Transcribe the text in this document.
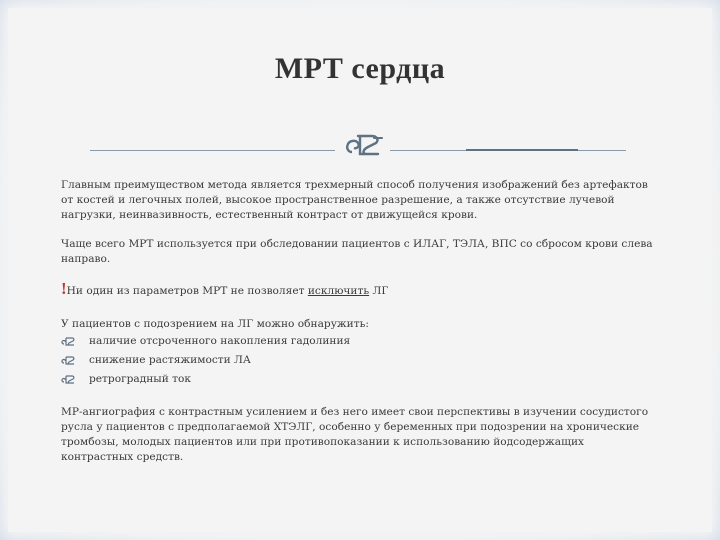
МРТ сердца

Главным преимуществом метода является трехмерный способ получения изображений без артефактов от костей и легочных полей, высокое пространственное разрешение, а также отсутствие лучевой нагрузки, неинвазивность, естественный контраст от движущейся крови.

Чаще всего МРТ используется при обследовании пациентов с ИЛАГ, ТЭЛА, ВПС со сбросом крови слева направо.

!Ни один из параметров МРТ не позволяет исключить ЛГ

У пациентов с подозрением на ЛГ можно обнаружить:

наличие отсроченного накопления гадолиния
снижение растяжимости ЛА
ретроградный ток

МР-ангиография с контрастным усилением и без него имеет свои перспективы в изучении сосудистого русла у пациентов с предполагаемой ХТЭЛГ, особенно у беременных при подозрении на хронические тромбозы, молодых пациентов или при противопоказании к использованию йодсодержащих контрастных средств.
